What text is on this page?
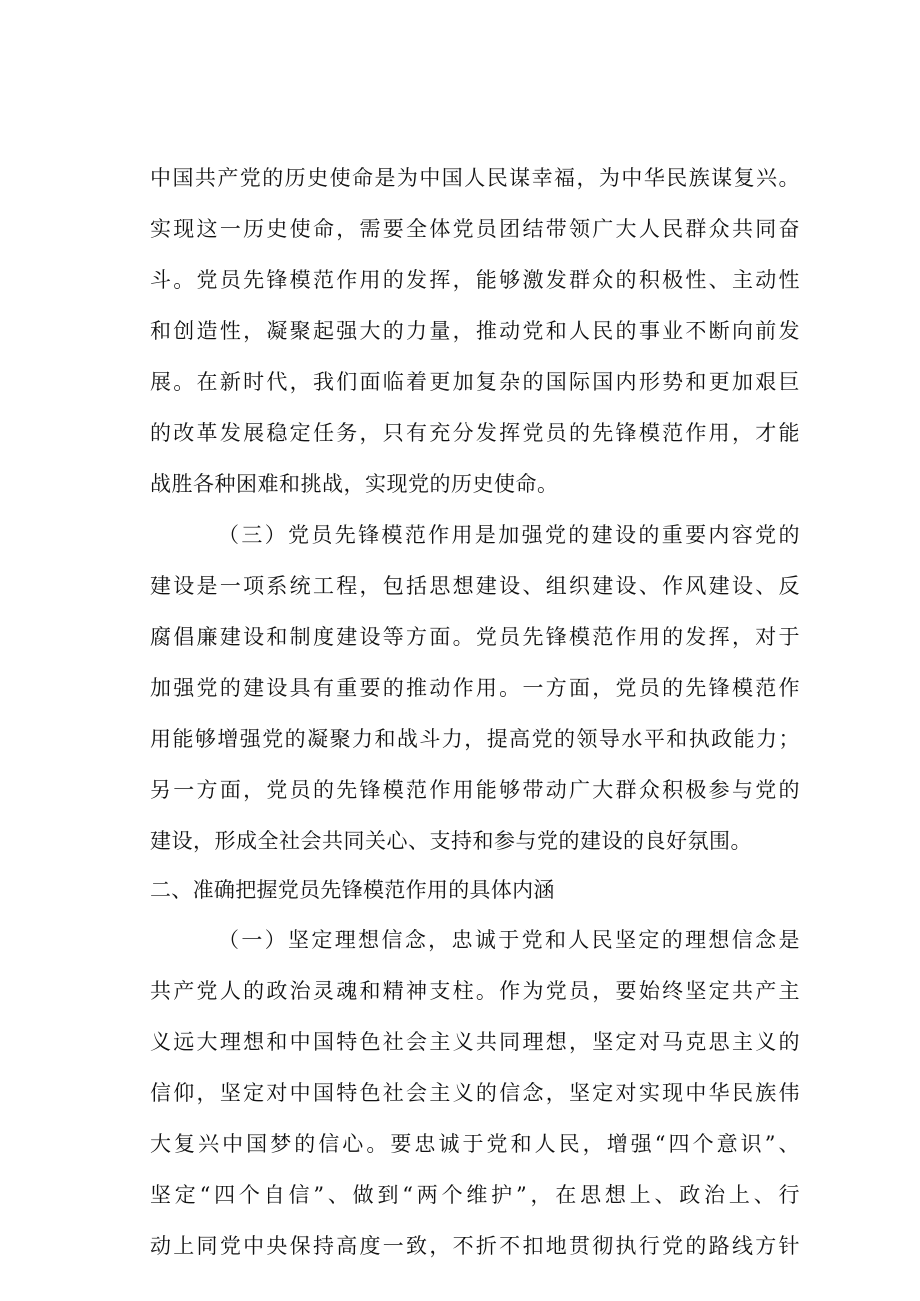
中国共产党的历史使命是为中国人民谋幸福，为中华民族谋复兴。
实现这一历史使命，需要全体党员团结带领广大人民群众共同奋
斗。党员先锋模范作用的发挥，能够激发群众的积极性、主动性
和创造性，凝聚起强大的力量，推动党和人民的事业不断向前发
展。在新时代，我们面临着更加复杂的国际国内形势和更加艰巨
的改革发展稳定任务，只有充分发挥党员的先锋模范作用，才能
战胜各种困难和挑战，实现党的历史使命。
（三）党员先锋模范作用是加强党的建设的重要内容党的
建设是一项系统工程，包括思想建设、组织建设、作风建设、反
腐倡廉建设和制度建设等方面。党员先锋模范作用的发挥，对于
加强党的建设具有重要的推动作用。一方面，党员的先锋模范作
用能够增强党的凝聚力和战斗力，提高党的领导水平和执政能力；
另一方面，党员的先锋模范作用能够带动广大群众积极参与党的
建设，形成全社会共同关心、支持和参与党的建设的良好氛围。
二、准确把握党员先锋模范作用的具体内涵
（一）坚定理想信念，忠诚于党和人民坚定的理想信念是
共产党人的政治灵魂和精神支柱。作为党员，要始终坚定共产主
义远大理想和中国特色社会主义共同理想，坚定对马克思主义的
信仰，坚定对中国特色社会主义的信念，坚定对实现中华民族伟
大复兴中国梦的信心。要忠诚于党和人民，增强“四个意识”、
坚定“四个自信”、做到“两个维护”，在思想上、政治上、行
动上同党中央保持高度一致，不折不扣地贯彻执行党的路线方针
